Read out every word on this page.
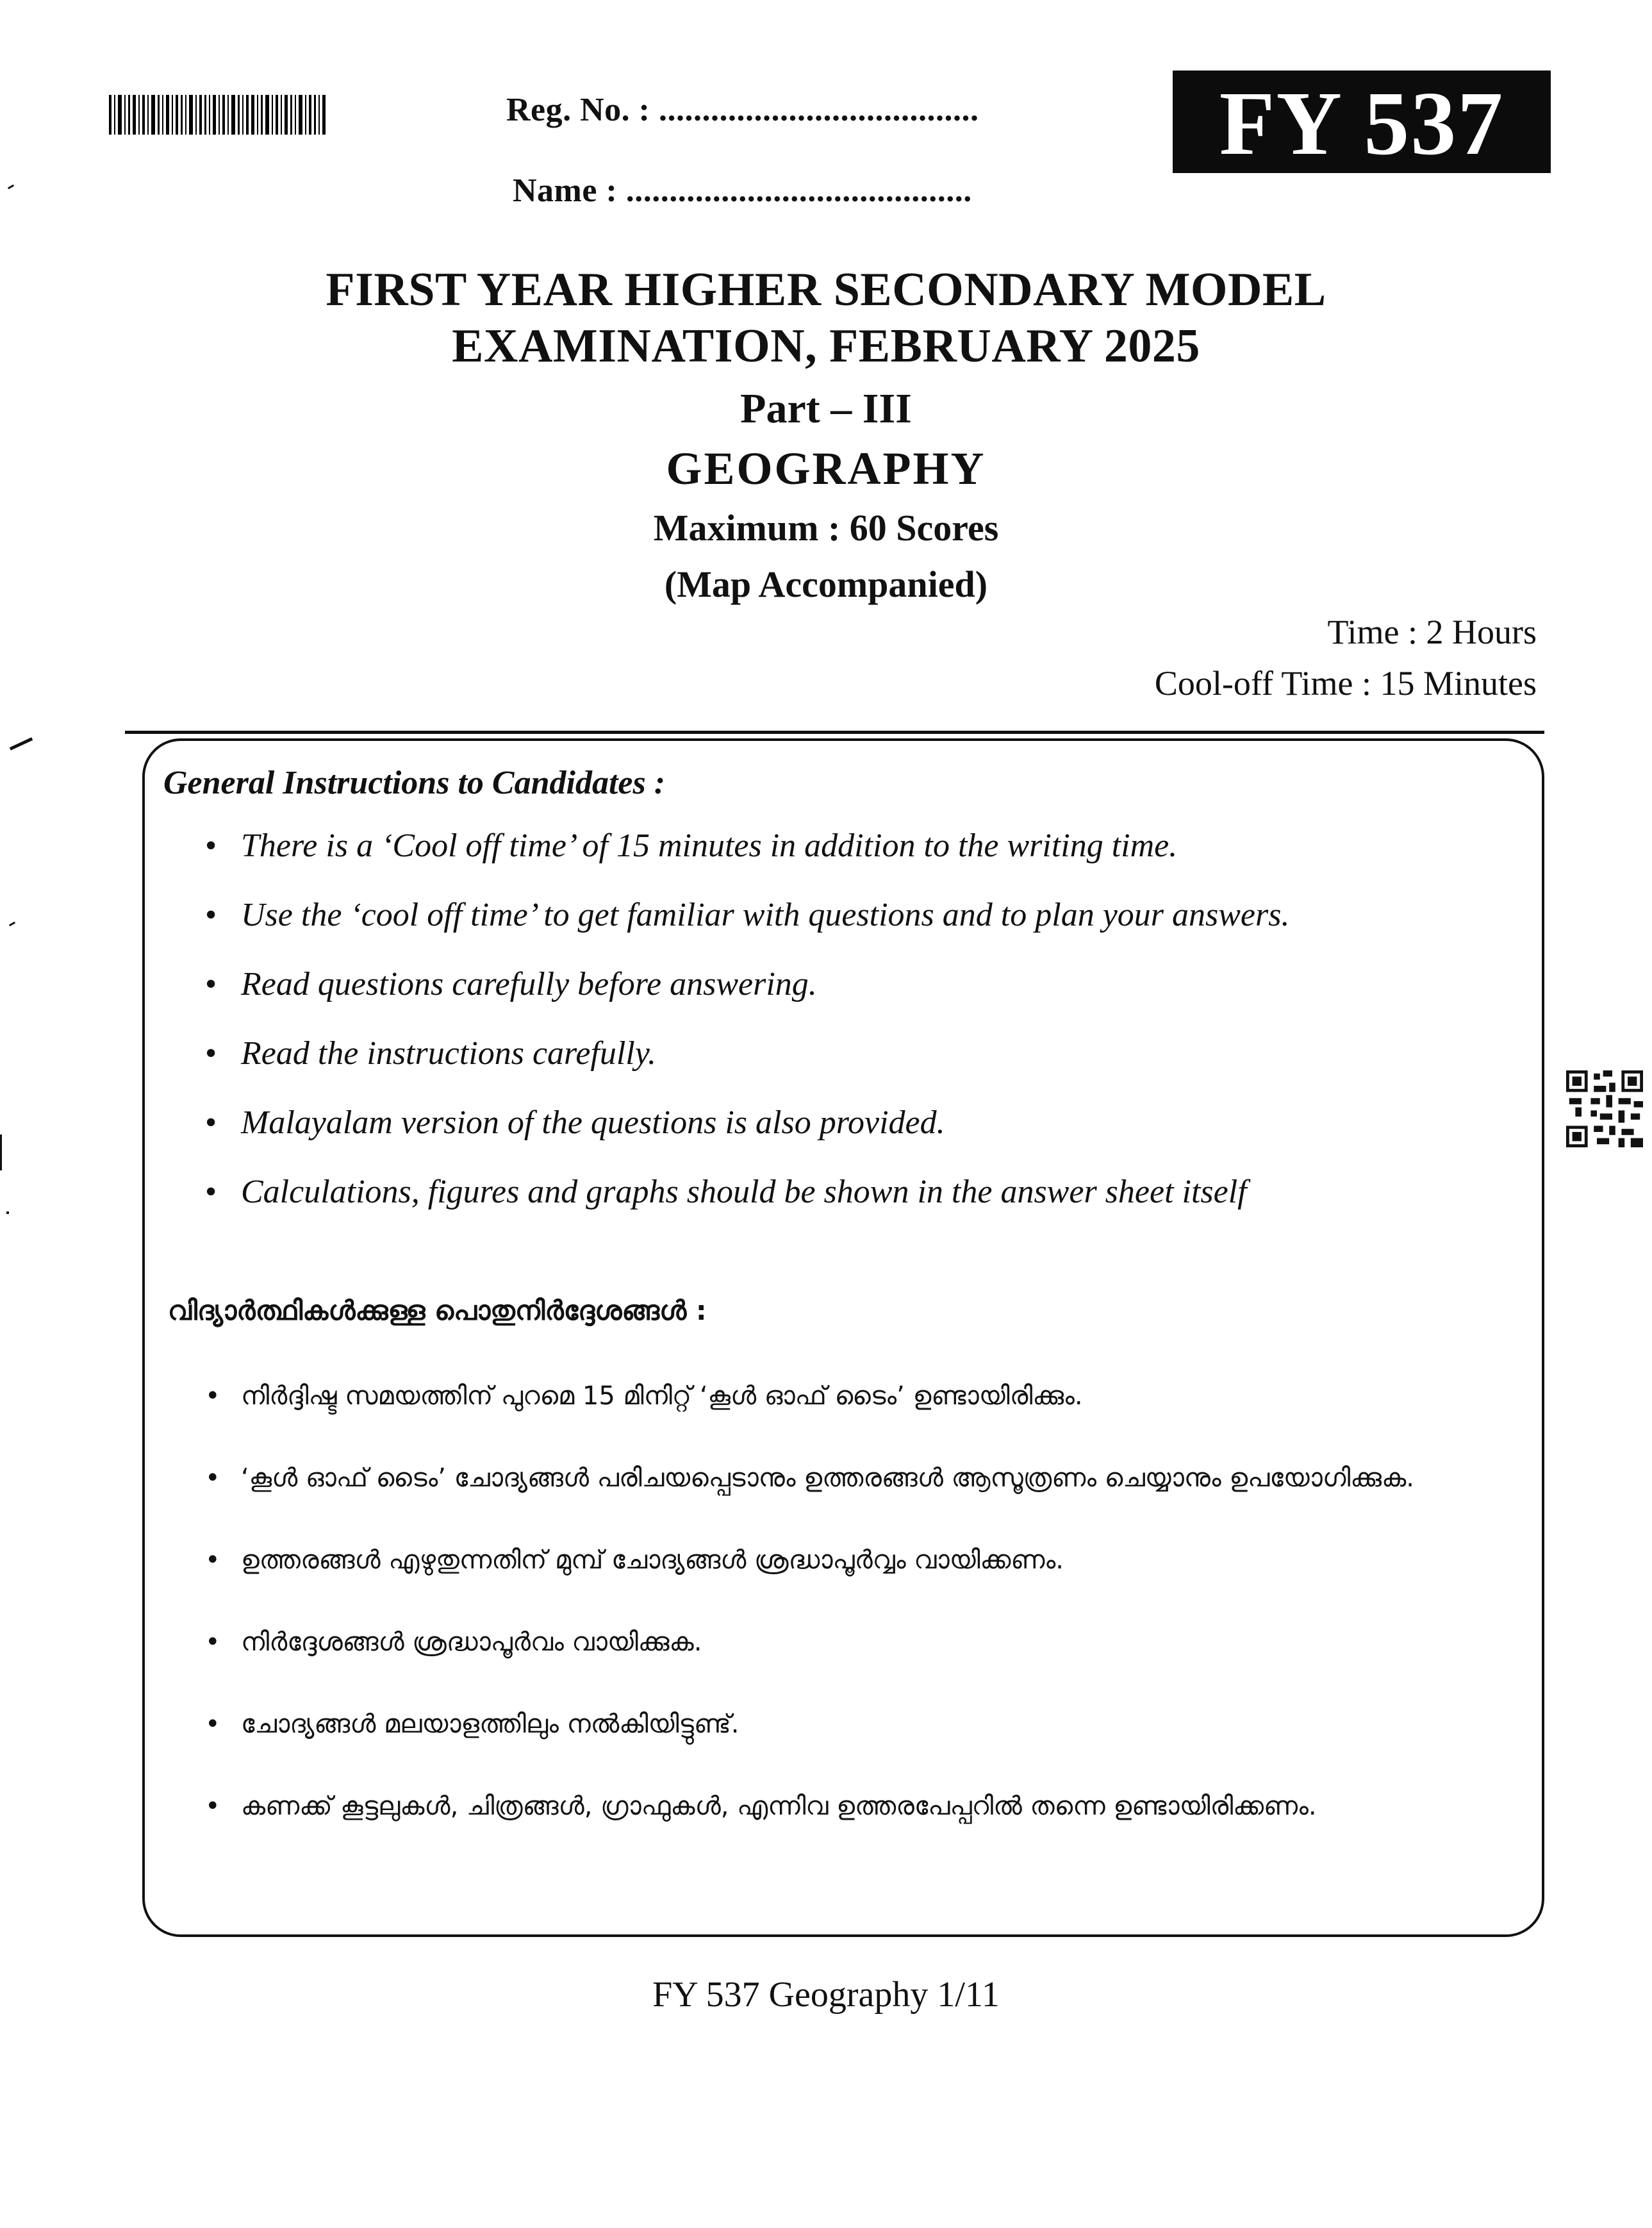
Reg. No. : .....................................
Name : ........................................
FY 537
FIRST YEAR HIGHER SECONDARY MODEL
EXAMINATION, FEBRUARY 2025
Part – III
GEOGRAPHY
Maximum : 60 Scores
(Map Accompanied)
Time : 2 Hours
Cool-off Time : 15 Minutes
General Instructions to Candidates :
• There is a ‘Cool off time’ of 15 minutes in addition to the writing time.
• Use the ‘cool off time’ to get familiar with questions and to plan your answers.
• Read questions carefully before answering.
• Read the instructions carefully.
• Malayalam version of the questions is also provided.
• Calculations, figures and graphs should be shown in the answer sheet itself
വിദ്യാർത്ഥികൾക്കുള്ള പൊതുനിർദ്ദേശങ്ങൾ :
• നിർദ്ദിഷ്ട സമയത്തിന് പുറമെ 15 മിനിറ്റ് ‘കൂൾ ഓഫ് ടൈം’ ഉണ്ടായിരിക്കും.
• ‘കൂൾ ഓഫ് ടൈം’ ചോദ്യങ്ങൾ പരിചയപ്പെടാനും ഉത്തരങ്ങൾ ആസൂത്രണം ചെയ്യാനും ഉപയോഗിക്കുക.
• ഉത്തരങ്ങൾ എഴുതുന്നതിന് മുമ്പ് ചോദ്യങ്ങൾ ശ്രദ്ധാപൂർവ്വം വായിക്കണം.
• നിർദ്ദേശങ്ങൾ ശ്രദ്ധാപൂർവം വായിക്കുക.
• ചോദ്യങ്ങൾ മലയാളത്തിലും നൽകിയിട്ടുണ്ട്.
• കണക്ക് കൂട്ടലുകൾ, ചിത്രങ്ങൾ, ഗ്രാഫുകൾ, എന്നിവ ഉത്തരപേപ്പറിൽ തന്നെ ഉണ്ടായിരിക്കണം.
FY 537 Geography 1/11
